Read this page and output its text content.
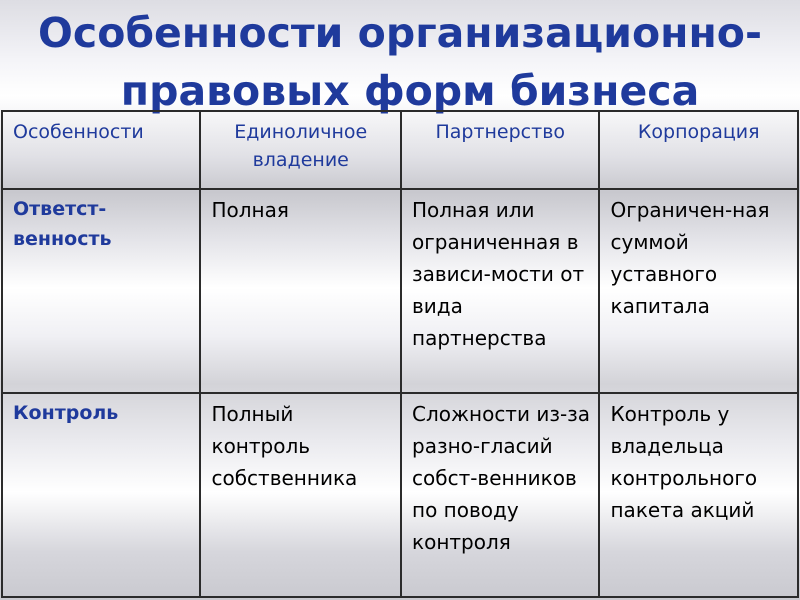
Особенности организационно-
правовых форм бизнеса
Особенности	Единоличное владение	Партнерство	Корпорация
Ответст-венность	Полная	Полная или ограниченная в зависи-мости от вида партнерства	Ограничен-ная суммой уставного капитала
Контроль	Полный контроль собственника	Сложности из-за разно-гласий собст-венников по поводу контроля	Контроль у владельца контрольного пакета акций
